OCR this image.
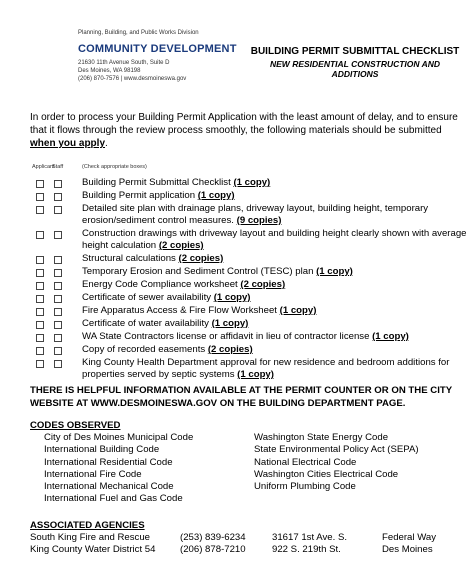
Planning, Building, and Public Works Division
COMMUNITY DEVELOPMENT
21630 11th Avenue South, Suite D
Des Moines, WA 98198
(206) 870-7576 | www.desmoineswa.gov
BUILDING PERMIT SUBMITTAL CHECKLIST
NEW RESIDENTIAL CONSTRUCTION AND ADDITIONS
In order to process your Building Permit Application with the least amount of delay, and to ensure that it flows through the review process smoothly, the following materials should be submitted when you apply.
ApplicantStaff	(Check appropriate boxes)
Building Permit Submittal Checklist (1 copy)
Building Permit application (1 copy)
Detailed site plan with drainage plans, driveway layout, building height, temporary erosion/sediment control measures. (9 copies)
Construction drawings with driveway layout and building height clearly shown with average height calculation (2 copies)
Structural calculations (2 copies)
Temporary Erosion and Sediment Control (TESC) plan (1 copy)
Energy Code Compliance worksheet (2 copies)
Certificate of sewer availability (1 copy)
Fire Apparatus Access & Fire Flow Worksheet (1 copy)
Certificate of water availability (1 copy)
WA State Contractors license or affidavit in lieu of contractor license (1 copy)
Copy of recorded easements (2 copies)
King County Health Department approval for new residence and bedroom additions for properties served by septic systems (1 copy)
THERE IS HELPFUL INFORMATION AVAILABLE AT THE PERMIT COUNTER OR ON THE CITY WEBSITE AT WWW.DESMOINESWA.GOV ON THE BUILDING DEPARTMENT PAGE.
CODES OBSERVED
City of Des Moines Municipal Code
International Building Code
International Residential Code
International Fire Code
International Mechanical Code
International Fuel and Gas Code
Washington State Energy Code
State Environmental Policy Act (SEPA)
National Electrical Code
Washington Cities Electrical Code
Uniform Plumbing Code
ASSOCIATED AGENCIES
South King Fire and Rescue	(253) 839-6234	31617 1st Ave. S.	Federal Way
King County Water District 54	(206) 878-7210	922 S. 219th St.	Des Moines
